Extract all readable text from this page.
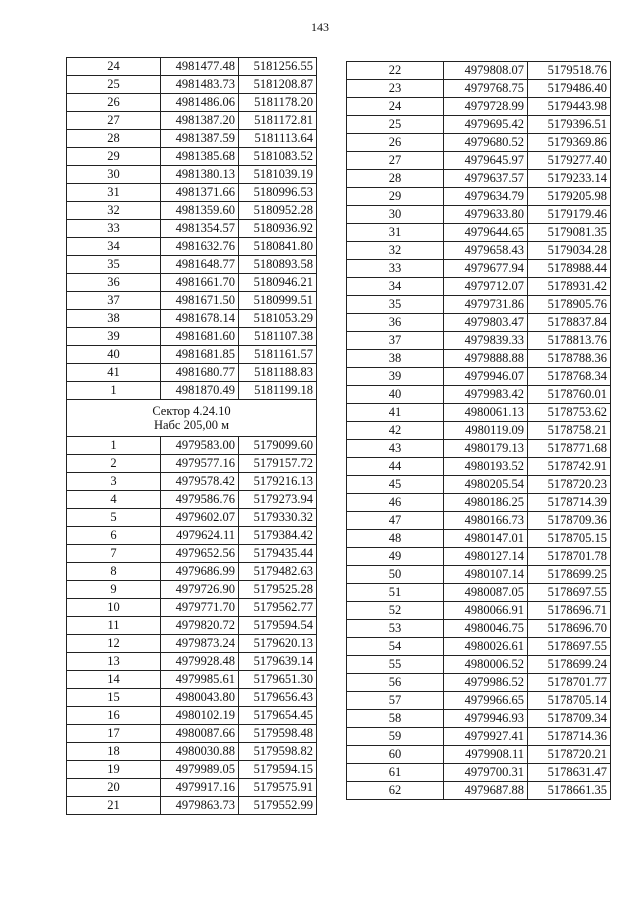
143
24	4981477.48	5181256.55
25	4981483.73	5181208.87
26	4981486.06	5181178.20
27	4981387.20	5181172.81
28	4981387.59	5181113.64
29	4981385.68	5181083.52
30	4981380.13	5181039.19
31	4981371.66	5180996.53
32	4981359.60	5180952.28
33	4981354.57	5180936.92
34	4981632.76	5180841.80
35	4981648.77	5180893.58
36	4981661.70	5180946.21
37	4981671.50	5180999.51
38	4981678.14	5181053.29
39	4981681.60	5181107.38
40	4981681.85	5181161.57
41	4981680.77	5181188.83
1	4981870.49	5181199.18
Сектор 4.24.10
Набс 205,00 м		
1	4979583.00	5179099.60
2	4979577.16	5179157.72
3	4979578.42	5179216.13
4	4979586.76	5179273.94
5	4979602.07	5179330.32
6	4979624.11	5179384.42
7	4979652.56	5179435.44
8	4979686.99	5179482.63
9	4979726.90	5179525.28
10	4979771.70	5179562.77
11	4979820.72	5179594.54
12	4979873.24	5179620.13
13	4979928.48	5179639.14
14	4979985.61	5179651.30
15	4980043.80	5179656.43
16	4980102.19	5179654.45
17	4980087.66	5179598.48
18	4980030.88	5179598.82
19	4979989.05	5179594.15
20	4979917.16	5179575.91
21	4979863.73	5179552.99
22	4979808.07	5179518.76
23	4979768.75	5179486.40
24	4979728.99	5179443.98
25	4979695.42	5179396.51
26	4979680.52	5179369.86
27	4979645.97	5179277.40
28	4979637.57	5179233.14
29	4979634.79	5179205.98
30	4979633.80	5179179.46
31	4979644.65	5179081.35
32	4979658.43	5179034.28
33	4979677.94	5178988.44
34	4979712.07	5178931.42
35	4979731.86	5178905.76
36	4979803.47	5178837.84
37	4979839.33	5178813.76
38	4979888.88	5178788.36
39	4979946.07	5178768.34
40	4979983.42	5178760.01
41	4980061.13	5178753.62
42	4980119.09	5178758.21
43	4980179.13	5178771.68
44	4980193.52	5178742.91
45	4980205.54	5178720.23
46	4980186.25	5178714.39
47	4980166.73	5178709.36
48	4980147.01	5178705.15
49	4980127.14	5178701.78
50	4980107.14	5178699.25
51	4980087.05	5178697.55
52	4980066.91	5178696.71
53	4980046.75	5178696.70
54	4980026.61	5178697.55
55	4980006.52	5178699.24
56	4979986.52	5178701.77
57	4979966.65	5178705.14
58	4979946.93	5178709.34
59	4979927.41	5178714.36
60	4979908.11	5178720.21
61	4979700.31	5178631.47
62	4979687.88	5178661.35
